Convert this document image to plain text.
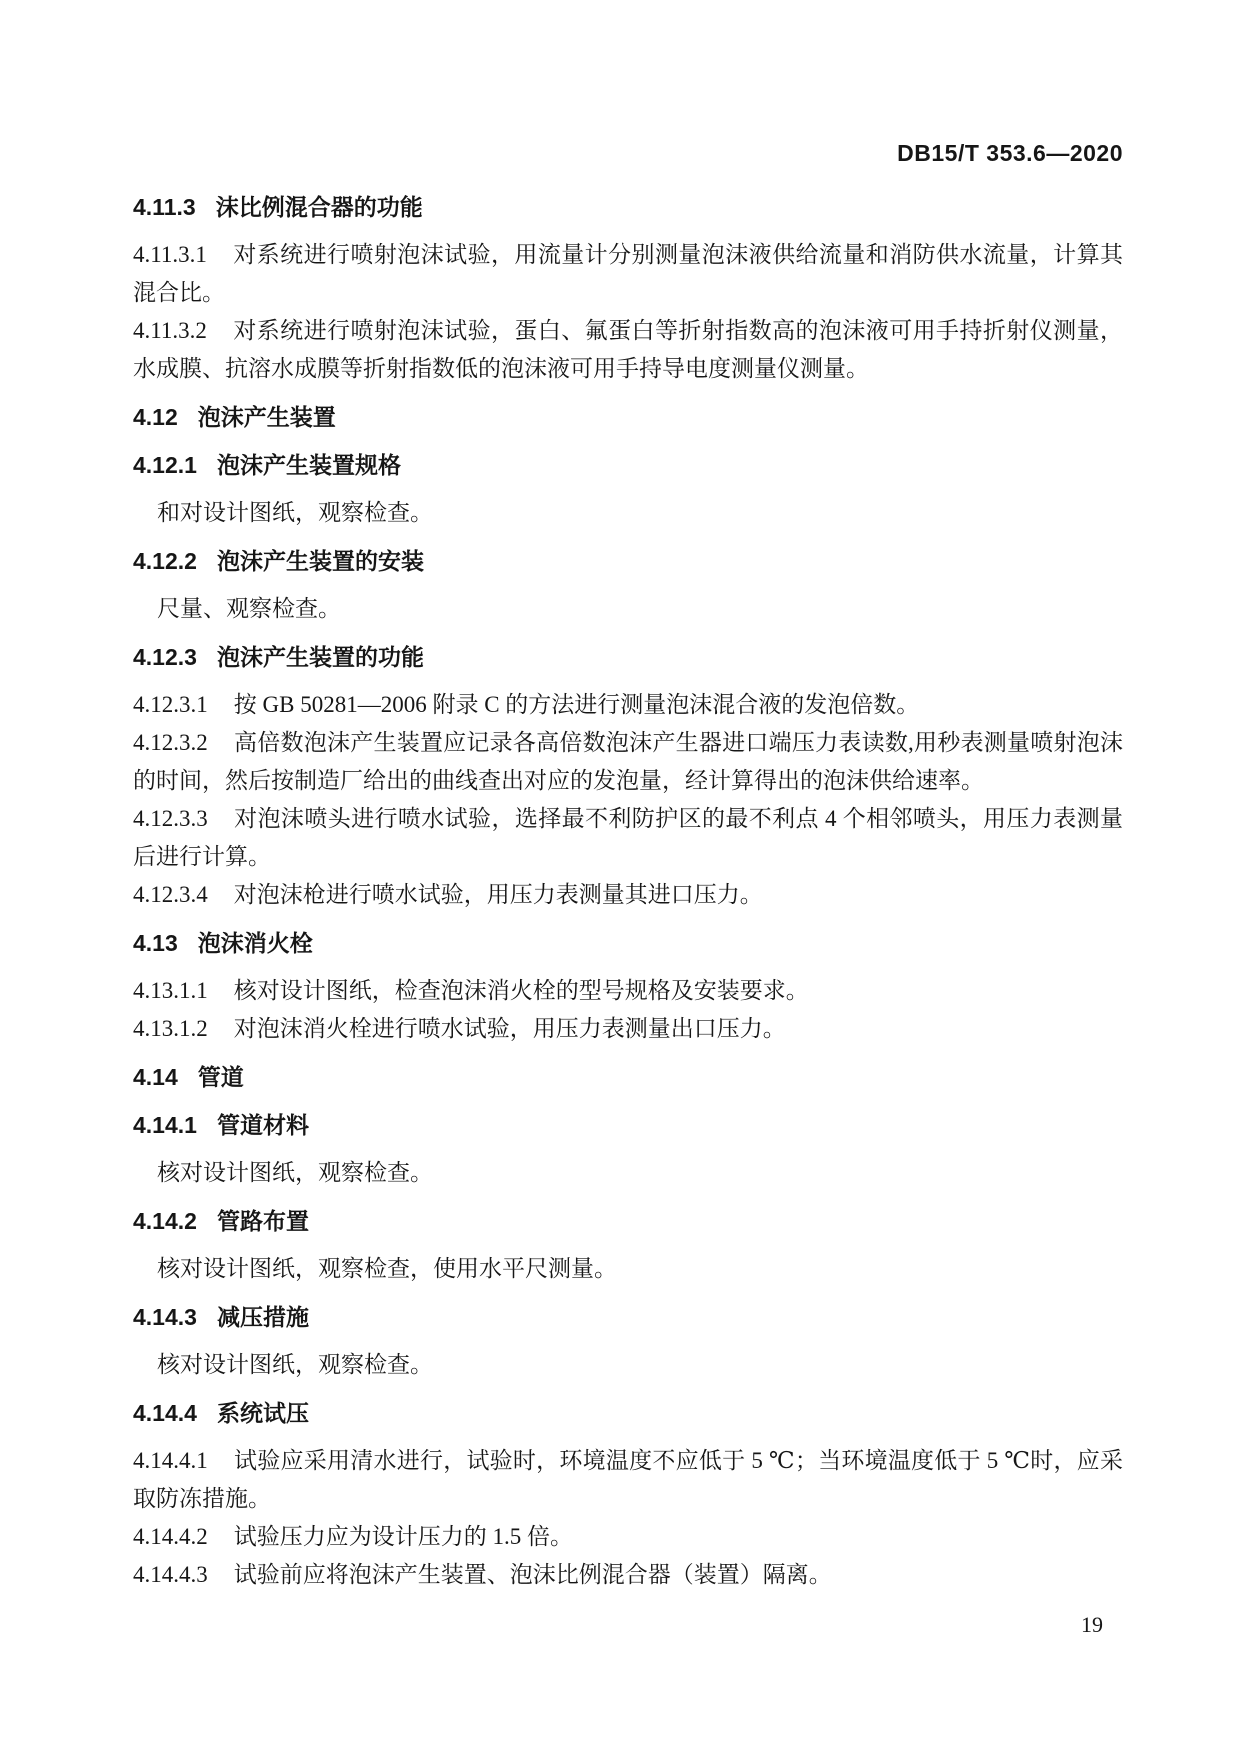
DB15/T 353.6—2020
4.11.3 沫比例混合器的功能

4.11.3.1 对系统进行喷射泡沫试验，用流量计分别测量泡沫液供给流量和消防供水流量，计算其混合比。

4.11.3.2 对系统进行喷射泡沫试验，蛋白、氟蛋白等折射指数高的泡沫液可用手持折射仪测量，水成膜、抗溶水成膜等折射指数低的泡沫液可用手持导电度测量仪测量。

4.12 泡沫产生装置
4.12.1 泡沫产生装置规格

和对设计图纸，观察检查。

4.12.2 泡沫产生装置的安装

尺量、观察检查。

4.12.3 泡沫产生装置的功能

4.12.3.1 按 GB 50281—2006 附录 C 的方法进行测量泡沫混合液的发泡倍数。

4.12.3.2 高倍数泡沫产生装置应记录各高倍数泡沫产生器进口端压力表读数,用秒表测量喷射泡沫的时间，然后按制造厂给出的曲线查出对应的发泡量，经计算得出的泡沫供给速率。

4.12.3.3 对泡沫喷头进行喷水试验，选择最不利防护区的最不利点 4 个相邻喷头，用压力表测量后进行计算。

4.12.3.4 对泡沫枪进行喷水试验，用压力表测量其进口压力。

4.13 泡沫消火栓

4.13.1.1 核对设计图纸，检查泡沫消火栓的型号规格及安装要求。

4.13.1.2 对泡沫消火栓进行喷水试验，用压力表测量出口压力。

4.14 管道
4.14.1 管道材料

核对设计图纸，观察检查。

4.14.2 管路布置

核对设计图纸，观察检查，使用水平尺测量。

4.14.3 减压措施

核对设计图纸，观察检查。

4.14.4 系统试压

4.14.4.1 试验应采用清水进行，试验时，环境温度不应低于 5 ℃；当环境温度低于 5 ℃时，应采取防冻措施。

4.14.4.2 试验压力应为设计压力的 1.5 倍。

4.14.4.3 试验前应将泡沫产生装置、泡沫比例混合器（装置）隔离。

19
